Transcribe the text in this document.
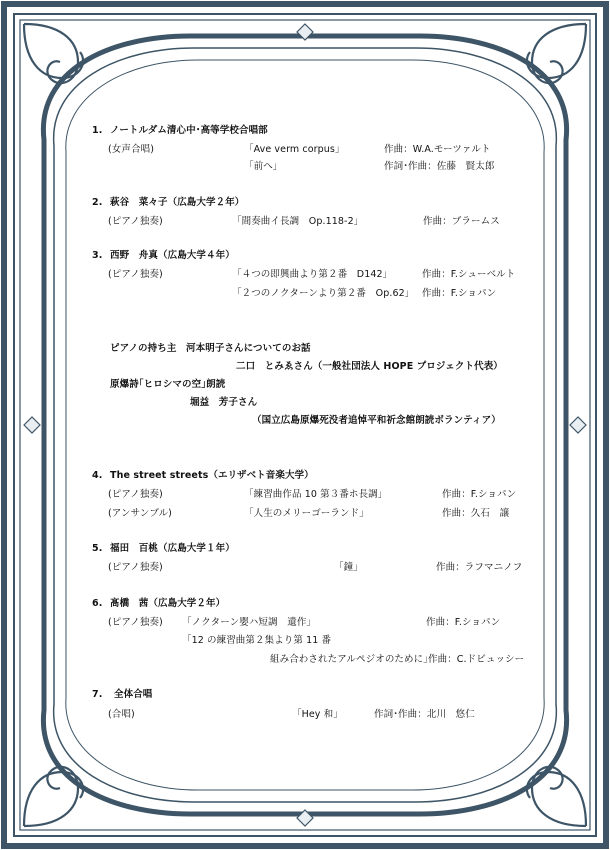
1. ノートルダム清心中･高等学校合唱部
(女声合唱)	「Ave verm corpus」	作曲：W.A.モーツァルト
「前へ」	作詞･作曲：佐藤　賢太郎
2. 萩谷　菜々子（広島大学２年）
(ピアノ独奏)	「間奏曲イ長調　Op.118-2」	作曲：ブラームス
3. 西野　舟真（広島大学４年）
(ピアノ独奏)	「４つの即興曲より第２番　D142」	作曲：F.シューベルト
「２つのノクターンより第２番　Op.62」 作曲：F.ショパン
ピアノの持ち主　河本明子さんについてのお話
二口　とみゑさん（一般社団法人 HOPE プロジェクト代表）
原爆詩｢ヒロシマの空｣朗読
堀益　芳子さん
（国立広島原爆死没者追悼平和祈念館朗読ボランティア）
4. The street streets（エリザベト音楽大学）
(ピアノ独奏)	「練習曲作品 10 第３番ホ長調」	作曲：F.ショパン
(アンサンブル)	「人生のメリーゴーランド」	作曲：久石　譲
5. 福田　百桃（広島大学１年）
(ピアノ独奏)	「鐘」	作曲：ラフマニノフ
6. 髙橋　茜（広島大学２年）
(ピアノ独奏) 「ノクターン嬰ハ短調　遺作」	作曲：F.ショパン
「12 の練習曲第２集より第 11 番
組み合わされたアルペジオのために」
作曲：C.ドビュッシー
7. 全体合唱
(合唱)	「Hey 和」	作詞･作曲：北川　悠仁
